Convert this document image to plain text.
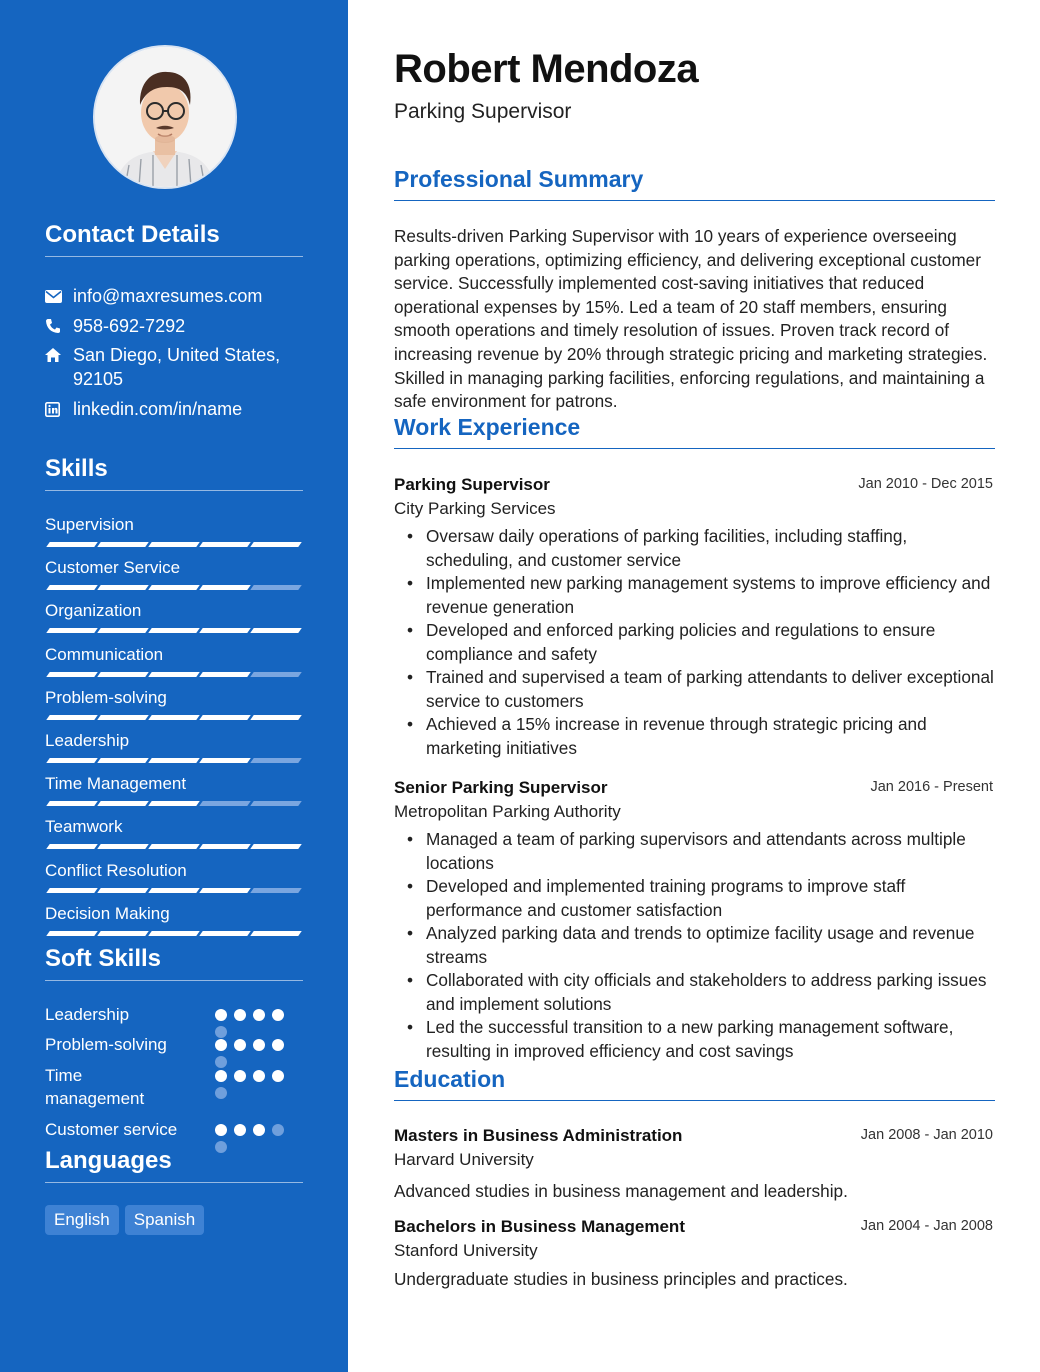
Contact Details
info@maxresumes.com
958-692-7292
San Diego, United States, 92105
linkedin.com/in/name
Skills
Supervision
Customer Service
Organization
Communication
Problem-solving
Leadership
Time Management
Teamwork
Conflict Resolution
Decision Making
Soft Skills
Leadership
Problem-solving
Time management
Customer service
Languages
English	Spanish
Robert Mendoza
Parking Supervisor
Professional Summary

Results-driven Parking Supervisor with 10 years of experience overseeing parking operations, optimizing efficiency, and delivering exceptional customer service. Successfully implemented cost-saving initiatives that reduced operational expenses by 15%. Led a team of 20 staff members, ensuring smooth operations and timely resolution of issues. Proven track record of increasing revenue by 20% through strategic pricing and marketing strategies. Skilled in managing parking facilities, enforcing regulations, and maintaining a safe environment for patrons.

Work Experience
Parking Supervisor	Jan 2010 - Dec 2015
City Parking Services
• Oversaw daily operations of parking facilities, including staffing, scheduling, and customer service
• Implemented new parking management systems to improve efficiency and revenue generation
• Developed and enforced parking policies and regulations to ensure compliance and safety
• Trained and supervised a team of parking attendants to deliver exceptional service to customers
• Achieved a 15% increase in revenue through strategic pricing and marketing initiatives
Senior Parking Supervisor	Jan 2016 - Present
Metropolitan Parking Authority
• Managed a team of parking supervisors and attendants across multiple locations
• Developed and implemented training programs to improve staff performance and customer satisfaction
• Analyzed parking data and trends to optimize facility usage and revenue streams
• Collaborated with city officials and stakeholders to address parking issues and implement solutions
• Led the successful transition to a new parking management software, resulting in improved efficiency and cost savings
Education
Masters in Business Administration	Jan 2008 - Jan 2010
Harvard University
Advanced studies in business management and leadership.
Bachelors in Business Management	Jan 2004 - Jan 2008
Stanford University
Undergraduate studies in business principles and practices.
